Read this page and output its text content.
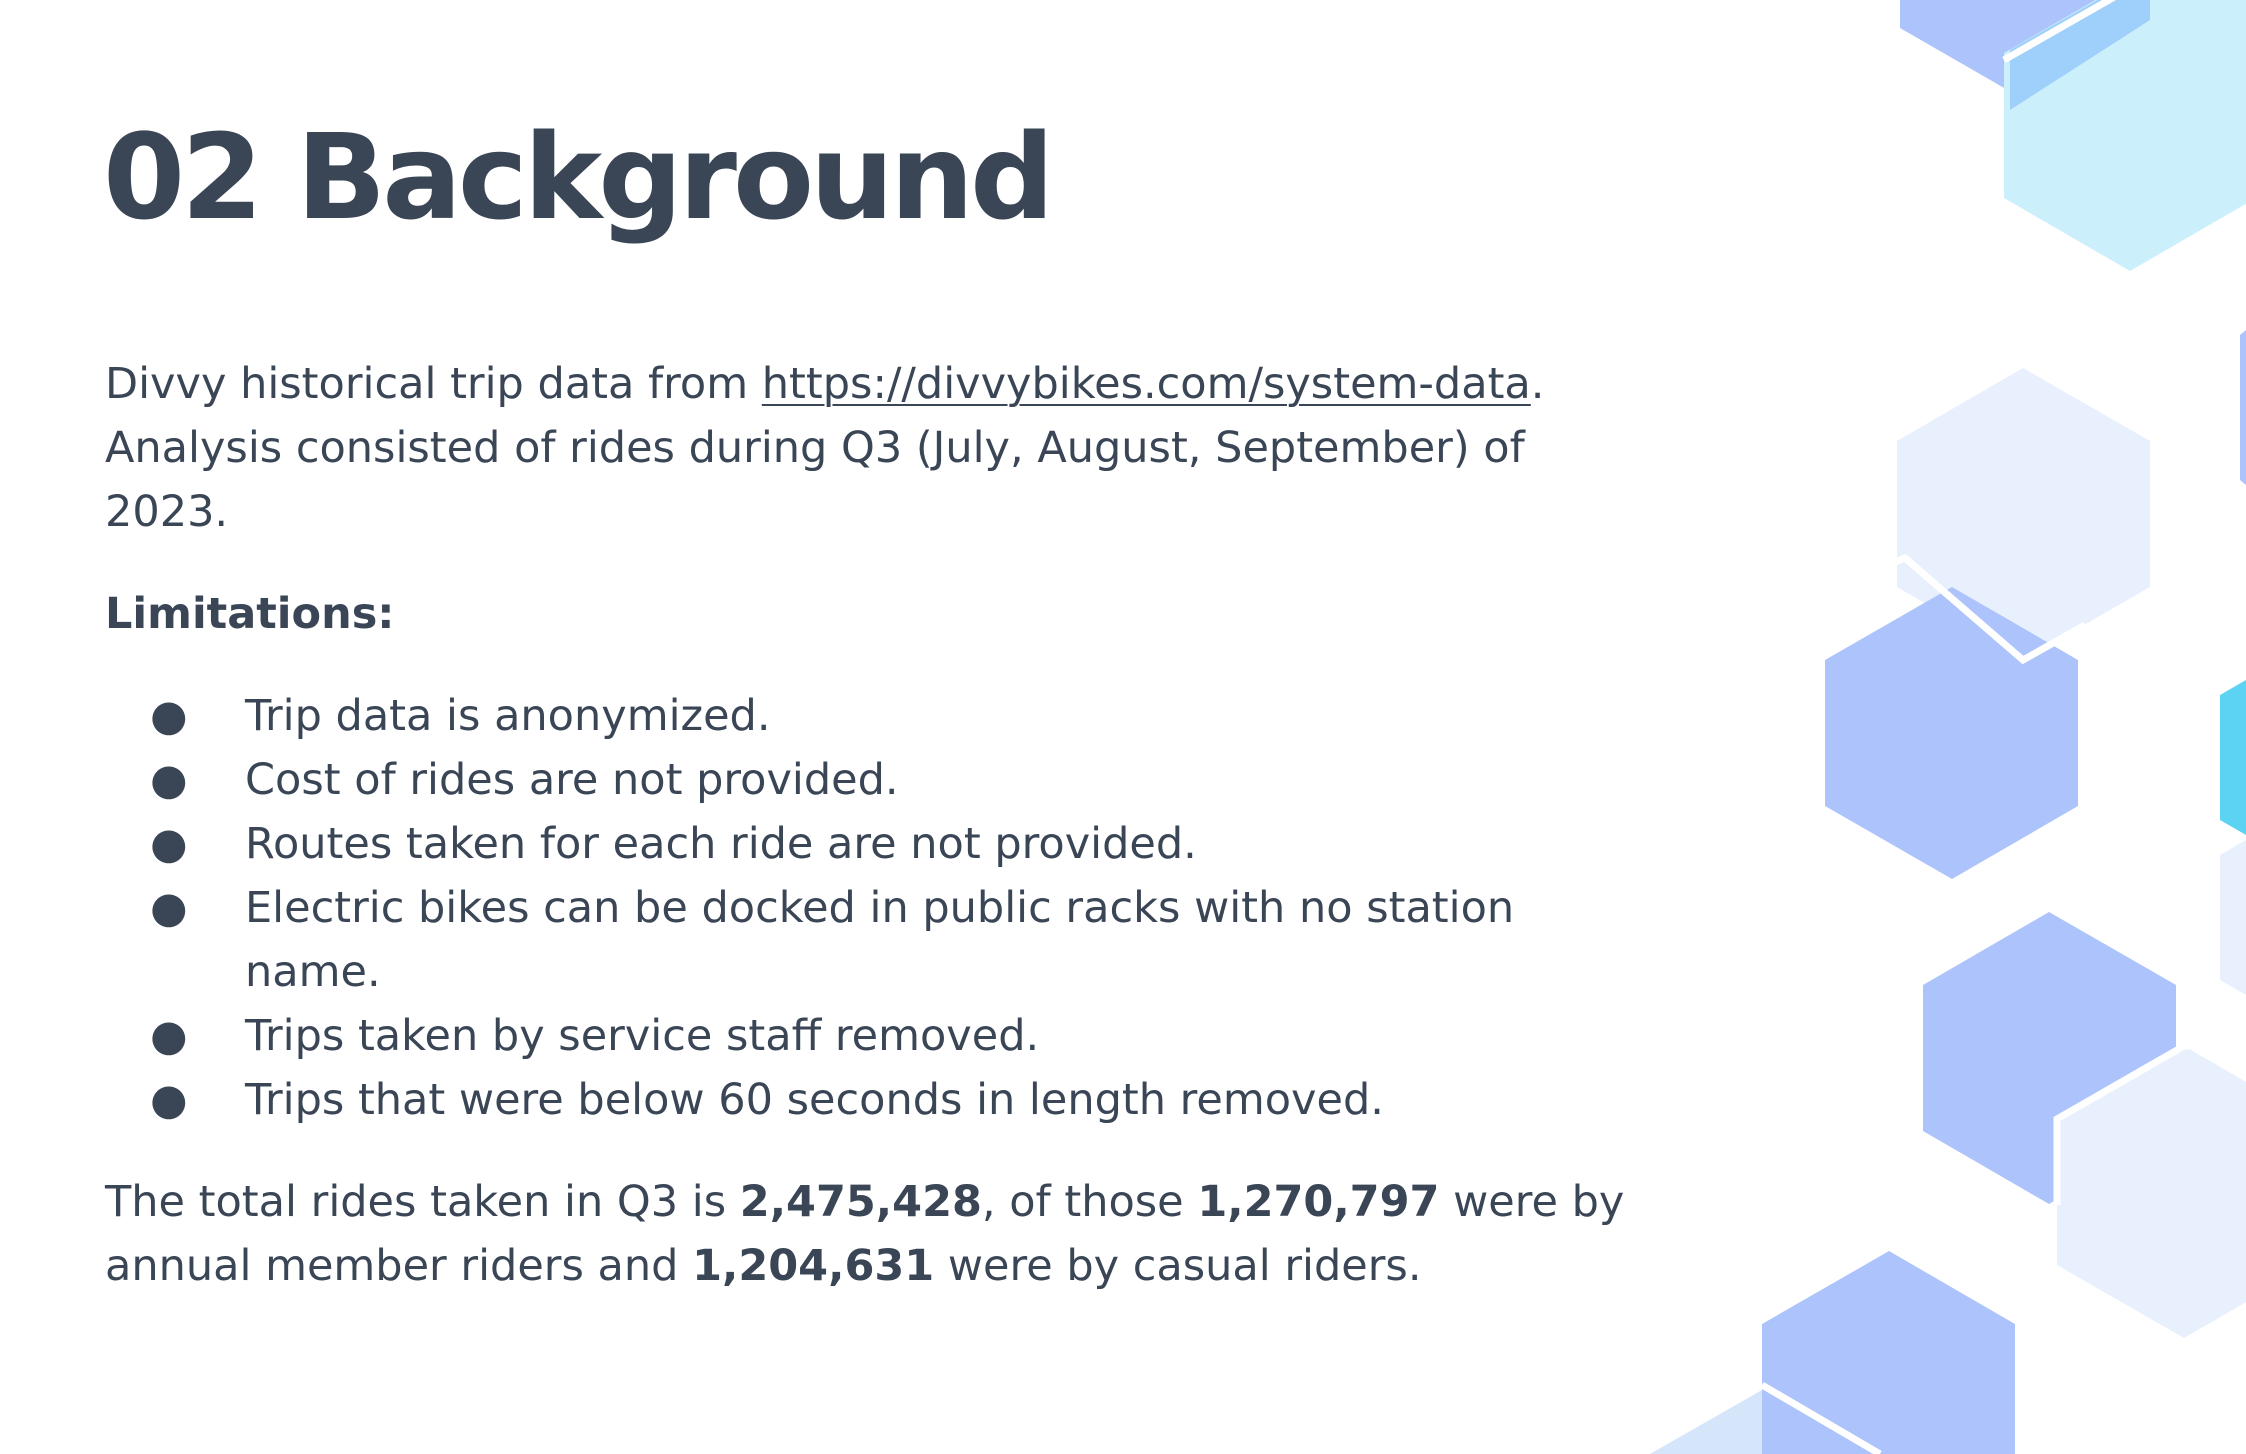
02 Background

Divvy historical trip data from https://divvybikes.com/system-data. Analysis consisted of rides during Q3 (July, August, September) of 2023.

Limitations:

● Trip data is anonymized.
● Cost of rides are not provided.
● Routes taken for each ride are not provided.
● Electric bikes can be docked in public racks with no station name.
● Trips taken by service staff removed.
● Trips that were below 60 seconds in length removed.

The total rides taken in Q3 is 2,475,428, of those 1,270,797 were by annual member riders and 1,204,631 were by casual riders.
